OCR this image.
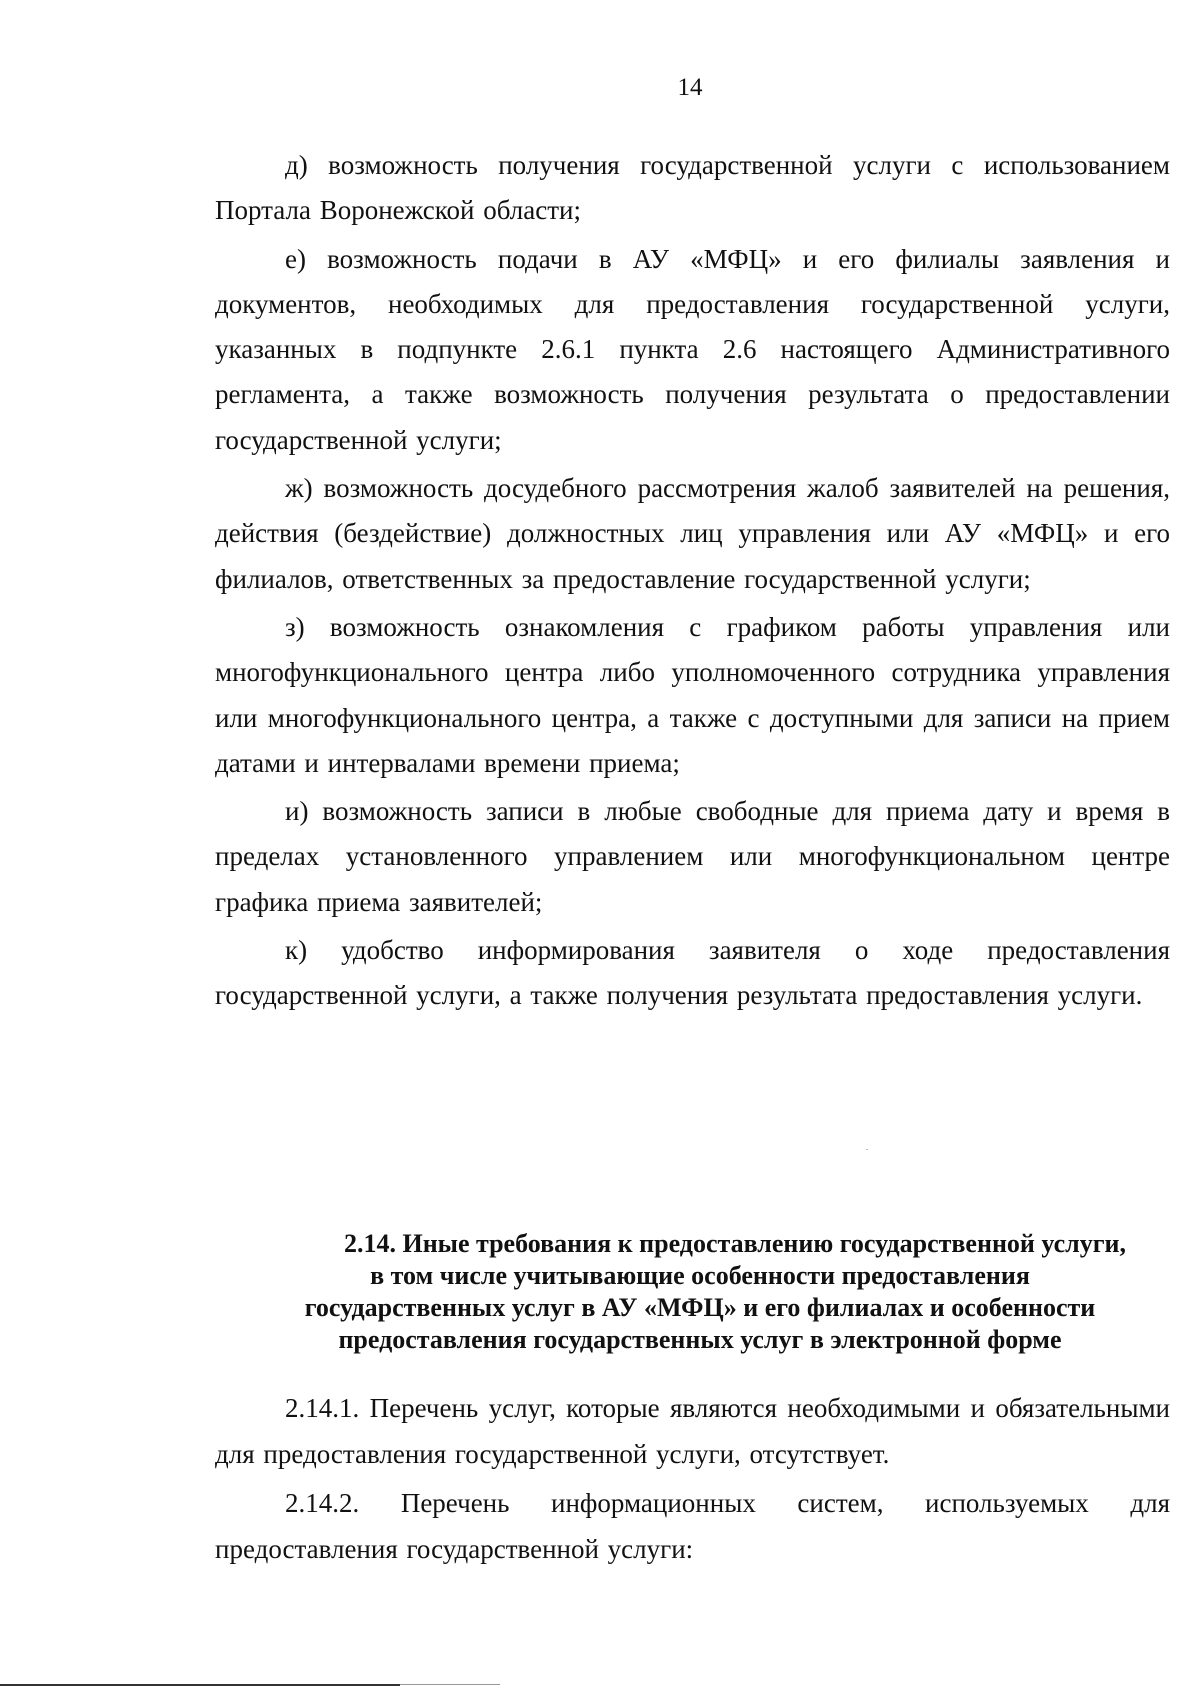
14

д) возможность получения государственной услуги с использованием Портала Воронежской области;

е) возможность подачи в АУ «МФЦ» и его филиалы заявления и документов, необходимых для предоставления государственной услуги, указанных в подпункте 2.6.1 пункта 2.6 настоящего Административного регламента, а также возможность получения результата о предоставлении государственной услуги;

ж) возможность досудебного рассмотрения жалоб заявителей на решения, действия (бездействие) должностных лиц управления или АУ «МФЦ» и его филиалов, ответственных за предоставление государственной услуги;

з) возможность ознакомления с графиком работы управления или многофункционального центра либо уполномоченного сотрудника управления или многофункционального центра, а также с доступными для записи на прием датами и интервалами времени приема;

и) возможность записи в любые свободные для приема дату и время в пределах установленного управлением или многофункциональном центре графика приема заявителей;

к) удобство информирования заявителя о ходе предоставления государственной услуги, а также получения результата предоставления услуги.

2.14. Иные требования к предоставлению государственной услуги,
в том числе учитывающие особенности предоставления
государственных услуг в АУ «МФЦ» и его филиалах и особенности
предоставления государственных услуг в электронной форме

2.14.1. Перечень услуг, которые являются необходимыми и обязательными для предоставления государственной услуги, отсутствует.

2.14.2. Перечень информационных систем, используемых для предоставления государственной услуги:
